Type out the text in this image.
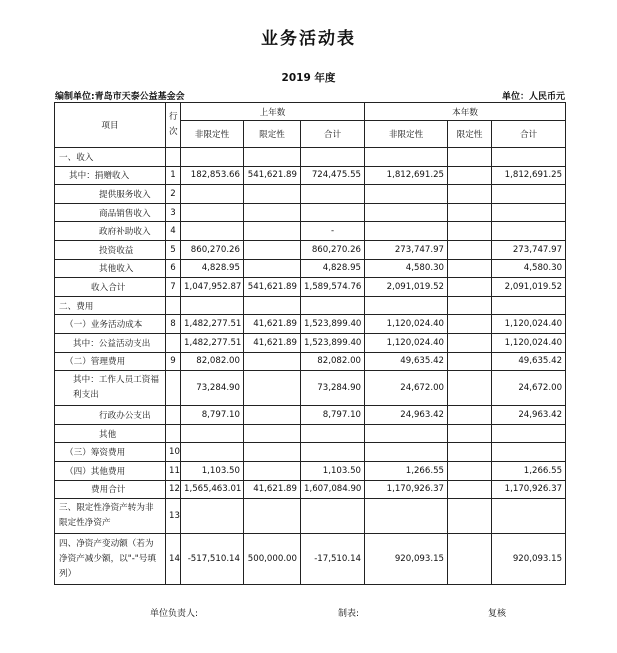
业务活动表
2019 年度
编制单位:青岛市天泰公益基金会	单位：人民币元
项目	行次	上年数			本年数		
		非限定性	限定性	合计	非限定性	限定性	合计
一、收入							
其中：捐赠收入	1	182,853.66	541,621.89	724,475.55	1,812,691.25		1,812,691.25
提供服务收入	2						
商品销售收入	3						
政府补助收入	4			-			
投资收益	5	860,270.26		860,270.26	273,747.97		273,747.97
其他收入	6	4,828.95		4,828.95	4,580.30		4,580.30
收入合计	7	1,047,952.87	541,621.89	1,589,574.76	2,091,019.52		2,091,019.52
二、费用							
（一）业务活动成本	8	1,482,277.51	41,621.89	1,523,899.40	1,120,024.40		1,120,024.40
其中：公益活动支出		1,482,277.51	41,621.89	1,523,899.40	1,120,024.40		1,120,024.40
（二）管理费用	9	82,082.00		82,082.00	49,635.42		49,635.42
其中：工作人员工资福利支出		73,284.90		73,284.90	24,672.00		24,672.00
行政办公支出		8,797.10		8,797.10	24,963.42		24,963.42
其他							
（三）筹资费用	10						
（四）其他费用	11	1,103.50		1,103.50	1,266.55		1,266.55
费用合计	12	1,565,463.01	41,621.89	1,607,084.90	1,170,926.37		1,170,926.37
三、限定性净资产转为非限定性净资产	13						
四、净资产变动额（若为净资产减少额，以"-"号填列）	14	-517,510.14	500,000.00	-17,510.14	920,093.15		920,093.15
单位负责人:	制表:	复核
